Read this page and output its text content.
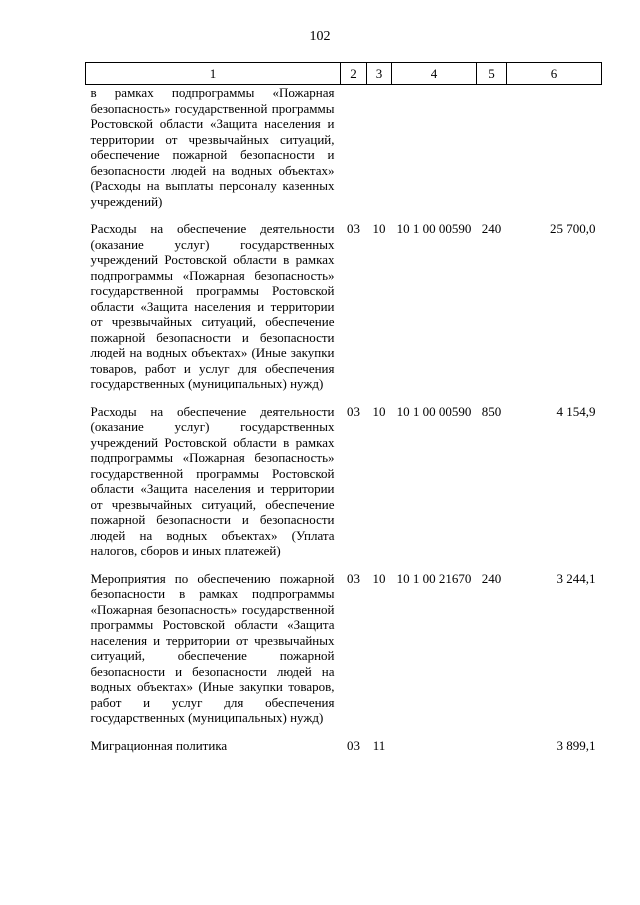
102
1	2	3	4	5	6
в рамках подпрограммы «Пожарная безопасность» государственной программы Ростовской области «Защита населения и территории от чрезвычайных ситуаций, обеспечение пожарной безопасности и безопасности людей на водных объектах» (Расходы на выплаты персоналу казенных учреждений)					
Расходы на обеспечение деятельности (оказание услуг) государственных учреждений Ростовской области в рамках подпрограммы «Пожарная безопасность» государственной программы Ростовской области «Защита населения и территории от чрезвычайных ситуаций, обеспечение пожарной безопасности и безопасности людей на водных объектах» (Иные закупки товаров, работ и услуг для обеспечения государственных (муниципальных) нужд)	03	10	10 1 00 00590	240	25 700,0
Расходы на обеспечение деятельности (оказание услуг) государственных учреждений Ростовской области в рамках подпрограммы «Пожарная безопасность» государственной программы Ростовской области «Защита населения и территории от чрезвычайных ситуаций, обеспечение пожарной безопасности и безопасности людей на водных объектах» (Уплата налогов, сборов и иных платежей)	03	10	10 1 00 00590	850	4 154,9
Мероприятия по обеспечению пожарной безопасности в рамках подпрограммы «Пожарная безопасность» государственной программы Ростовской области «Защита населения и территории от чрезвычайных ситуаций, обеспечение пожарной безопасности и безопасности людей на водных объектах» (Иные закупки товаров, работ и услуг для обеспечения государственных (муниципальных) нужд)	03	10	10 1 00 21670	240	3 244,1
Миграционная политика	03	11			3 899,1
